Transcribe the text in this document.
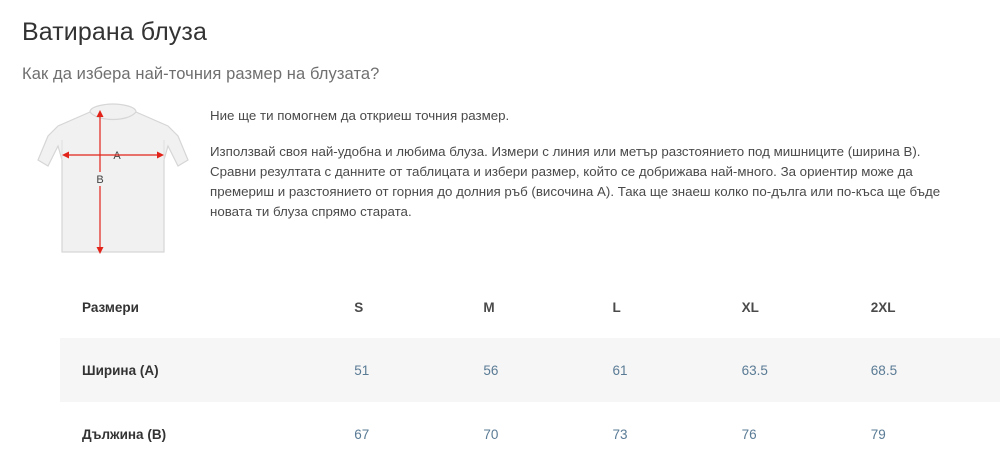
Ватирана блуза
Как да избера най-точния размер на блузата?
A
B

Ние ще ти помогнем да откриеш точния размер.

Използвай своя най-удобна и любима блуза. Измери с линия или метър разстоянието под мишниците (ширина B). Сравни резултата с данните от таблицата и избери размер, който се добрижава най-много. За ориентир може да премериш и разстоянието от горния до долния ръб (височина A). Така ще знаеш колко по-дълга или по-къса ще бъде новата ти блуза спрямо старата.

Размери	S	M	L	XL	2XL
Ширина (A)	51	56	61	63.5	68.5
Дължина (B)	67	70	73	76	79
